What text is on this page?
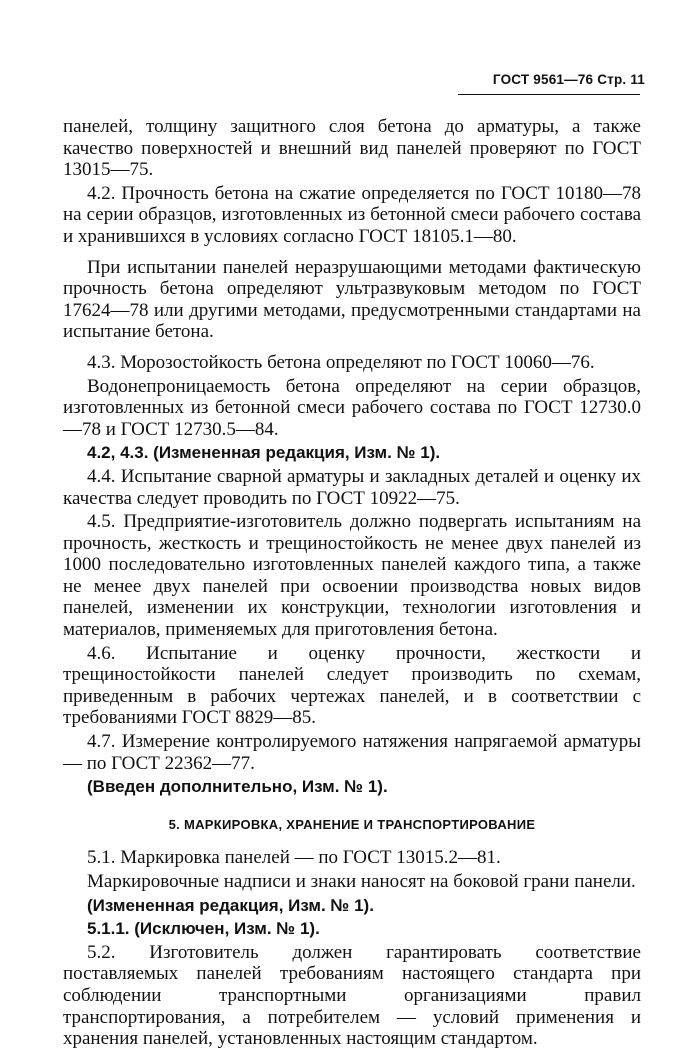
ГОСТ 9561—76 Стр. 11

панелей, толщину защитного слоя бетона до арматуры, а также качество поверхностей и внешний вид панелей проверяют по ГОСТ 13015—75.

4.2. Прочность бетона на сжатие определяется по ГОСТ 10180—78 на серии образцов, изготовленных из бетонной смеси рабочего состава и хранившихся в условиях согласно ГОСТ 18105.1—80.

При испытании панелей неразрушающими методами фактическую прочность бетона определяют ультразвуковым методом по ГОСТ 17624—78 или другими методами, предусмотренными стандартами на испытание бетона.

4.3. Морозостойкость бетона определяют по ГОСТ 10060—76.

Водонепроницаемость бетона определяют на серии образцов, изготовленных из бетонной смеси рабочего состава по ГОСТ 12730.0—78 и ГОСТ 12730.5—84.

4.2, 4.3. (Измененная редакция, Изм. № 1).

4.4. Испытание сварной арматуры и закладных деталей и оценку их качества следует проводить по ГОСТ 10922—75.

4.5. Предприятие-изготовитель должно подвергать испытаниям на прочность, жесткость и трещиностойкость не менее двух панелей из 1000 последовательно изготовленных панелей каждого типа, а также не менее двух панелей при освоении производства новых видов панелей, изменении их конструкции, технологии изготовления и материалов, применяемых для приготовления бетона.

4.6. Испытание и оценку прочности, жесткости и трещиностойкости панелей следует производить по схемам, приведенным в рабочих чертежах панелей, и в соответствии с требованиями ГОСТ 8829—85.

4.7. Измерение контролируемого натяжения напрягаемой арматуры — по ГОСТ 22362—77.

(Введен дополнительно, Изм. № 1).

5. МАРКИРОВКА, ХРАНЕНИЕ И ТРАНСПОРТИРОВАНИЕ

5.1. Маркировка панелей — по ГОСТ 13015.2—81.

Маркировочные надписи и знаки наносят на боковой грани панели.

(Измененная редакция, Изм. № 1).

5.1.1. (Исключен, Изм. № 1).

5.2. Изготовитель должен гарантировать соответствие поставляемых панелей требованиям настоящего стандарта при соблюдении транспортными организациями правил транспортирования, а потребителем — условий применения и хранения панелей, установленных настоящим стандартом.
